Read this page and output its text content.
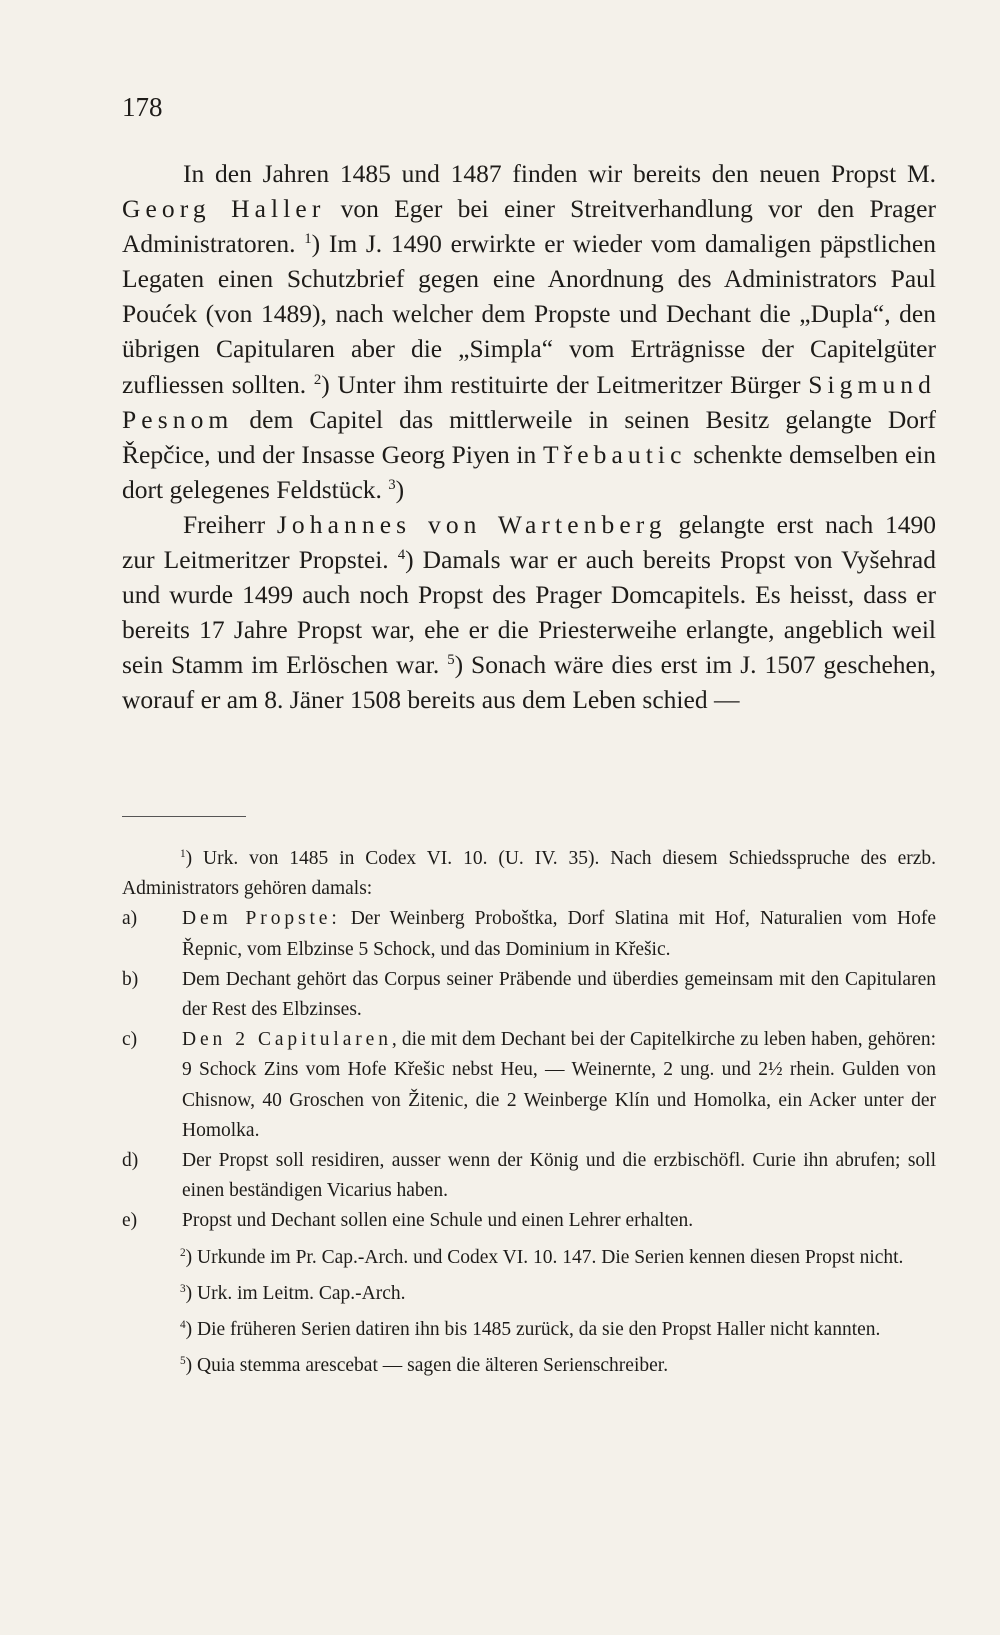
178

In den Jahren 1485 und 1487 finden wir bereits den neuen Propst M. Georg Haller von Eger bei einer Streitverhandlung vor den Prager Administratoren. $^1$) Im J. 1490 erwirkte er wieder vom damaligen päpstlichen Legaten einen Schutzbrief gegen eine Anordnung des Administrators Paul Poućek (von 1489), nach welcher dem Propste und Dechant die „Dupla“, den übrigen Capitularen aber die „Simpla“ vom Erträgnisse der Capitelgüter zufliessen sollten. $^2$) Unter ihm restituirte der Leitmeritzer Bürger Sigmund Pesnom dem Capitel das mittlerweile in seinen Besitz gelangte Dorf Řepčice, und der Insasse Georg Piyen in Třebautic schenkte demselben ein dort gelegenes Feldstück. $^3$)

Freiherr Johannes von Wartenberg gelangte erst nach 1490 zur Leitmeritzer Propstei. $^4$) Damals war er auch bereits Propst von Vyšehrad und wurde 1499 auch noch Propst des Prager Domcapitels. Es heisst, dass er bereits 17 Jahre Propst war, ehe er die Priesterweihe erlangte, angeblich weil sein Stamm im Erlöschen war. $^5$) Sonach wäre dies erst im J. 1507 geschehen, worauf er am 8. Jäner 1508 bereits aus dem Leben schied —

$^1$) Urk. von 1485 in Codex VI. 10. (U. IV. 35). Nach diesem Schiedsspruche des erzb. Administrators gehören damals:

a)	Dem Propste: Der Weinberg Proboštka, Dorf Slatina mit Hof, Naturalien vom Hofe Řepnic, vom Elbzinse 5 Schock, und das Dominium in Křešic.
b)	Dem Dechant gehört das Corpus seiner Präbende und überdies gemeinsam mit den Capitularen der Rest des Elbzinses.
c)	Den 2 Capitularen, die mit dem Dechant bei der Capitelkirche zu leben haben, gehören: 9 Schock Zins vom Hofe Křešic nebst Heu, — Weinernte, 2 ung. und 2½ rhein. Gulden von Chisnow, 40 Groschen von Žitenic, die 2 Weinberge Klín und Homolka, ein Acker unter der Homolka.
d)	Der Propst soll residiren, ausser wenn der König und die erzbischöfl. Curie ihn abrufen; soll einen beständigen Vicarius haben.
e)	Propst und Dechant sollen eine Schule und einen Lehrer erhalten.

$^2$) Urkunde im Pr. Cap.-Arch. und Codex VI. 10. 147. Die Serien kennen diesen Propst nicht.

$^3$) Urk. im Leitm. Cap.-Arch.

$^4$) Die früheren Serien datiren ihn bis 1485 zurück, da sie den Propst Haller nicht kannten.

$^5$) Quia stemma arescebat — sagen die älteren Serienschreiber.
